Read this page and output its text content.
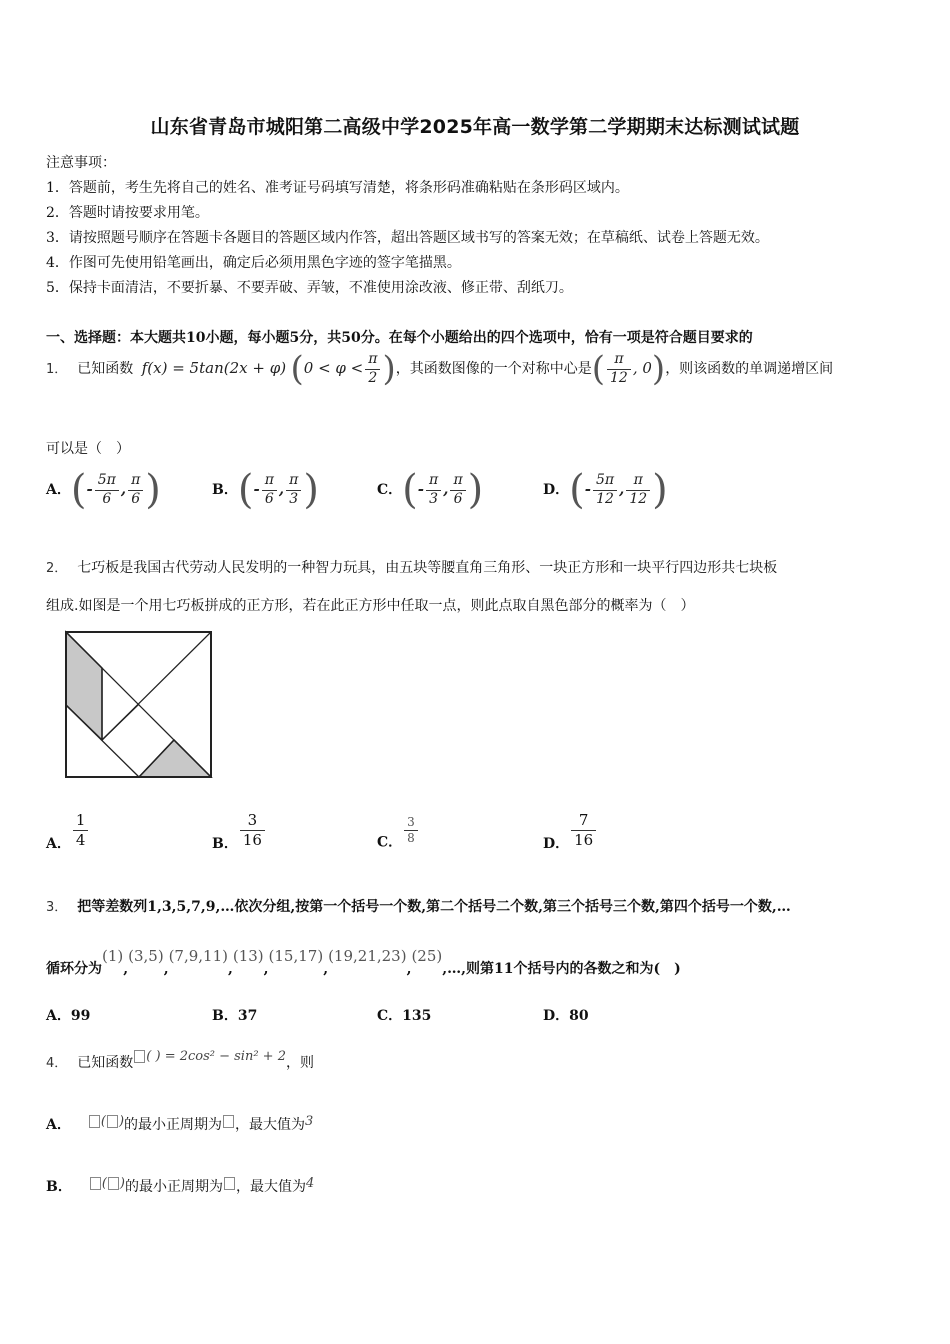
山东省青岛市城阳第二高级中学2025年高一数学第二学期期末达标测试试题
注意事项：
1．答题前，考生先将自己的姓名、准考证号码填写清楚，将条形码准确粘贴在条形码区域内。
2．答题时请按要求用笔。
3．请按照题号顺序在答题卡各题目的答题区域内作答，超出答题区域书写的答案无效；在草稿纸、试卷上答题无效。
4．作图可先使用铅笔画出，确定后必须用黑色字迹的签字笔描黑。
5．保持卡面清洁，不要折暴、不要弄破、弄皱，不准使用涂改液、修正带、刮纸刀。
一、选择题：本大题共10小题，每小题5分，共50分。在每个小题给出的四个选项中，恰有一项是符合题目要求的
1． 已知函数 f(x) = 5tan(2x + φ) ($0 < \varphi < \frac{\pi}{2}$ )，其函数图像的一个对称中心是( $\frac{\pi}{12}$ , 0)，则该函数的单调递增区间
可以是（　）
A．(- $\frac{5\pi}{6}$ , $\frac{\pi}{6}$ )	B．(- $\frac{\pi}{6}$ , $\frac{\pi}{3}$ )	C．(- $\frac{\pi}{3}$ , $\frac{\pi}{6}$ )	D．(- $\frac{5\pi}{12}$ , $\frac{\pi}{12}$ )
2． 七巧板是我国古代劳动人民发明的一种智力玩具，由五块等腰直角三角形、一块正方形和一块平行四边形共七块板
组成.如图是一个用七巧板拼成的正方形，若在此正方形中任取一点，则此点取自黑色部分的概率为（　）
A． $\frac{1}{4}$	B． $\frac{3}{16}$	C． $\frac{3}{8}$	D． $\frac{7}{16}$
3． 把等差数列1,3,5,7,9,…依次分组,按第一个括号一个数,第二个括号二个数,第三个括号三个数,第四个括号一个数,…
循环分为(1),(3,5),(7,9,11),(13),(15,17),(19,21,23),(25),…,则第11个括号内的各数之和为(　)
A．99	B．37	C．135	D．80
4． 已知函数 ( ) = 2cos² − sin² + 2，则
A． ( )的最小正周期为 ，最大值为3
B． ( )的最小正周期为 ，最大值为4
